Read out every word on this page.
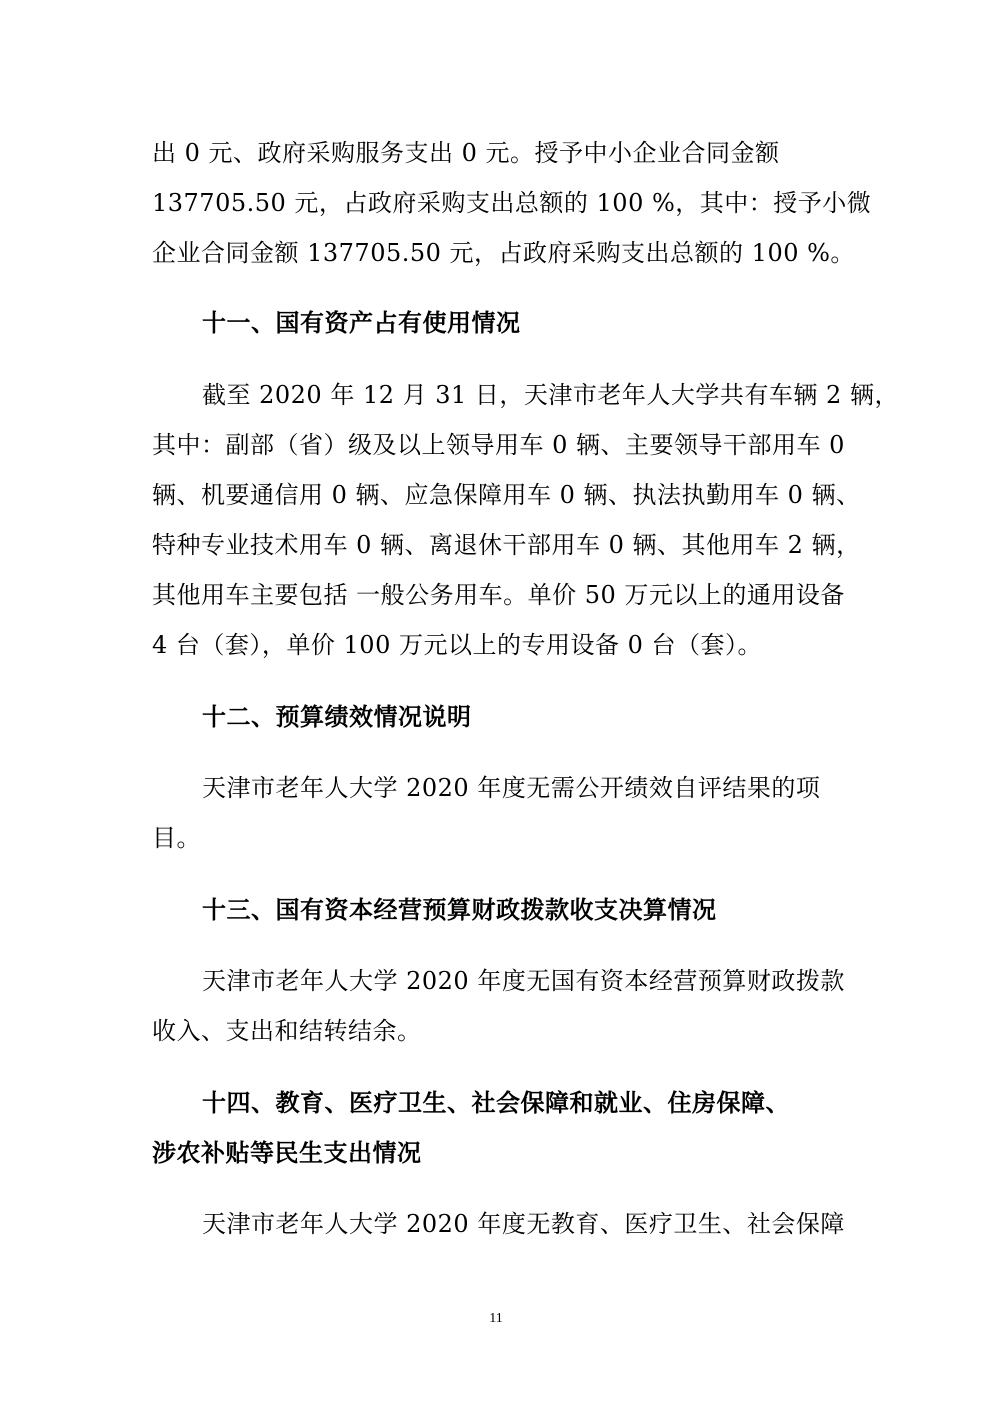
出 0 元、政府采购服务支出 0 元。授予中小企业合同金额

137705.50 元，占政府采购支出总额的 100 %，其中：授予小微

企业合同金额 137705.50 元，占政府采购支出总额的 100 %。

十一、国有资产占有使用情况

截至 2020 年 12 月 31 日，天津市老年人大学共有车辆 2 辆，

其中：副部（省）级及以上领导用车 0 辆、主要领导干部用车 0

辆、机要通信用 0 辆、应急保障用车 0 辆、执法执勤用车 0 辆、

特种专业技术用车 0 辆、离退休干部用车 0 辆、其他用车 2 辆，

其他用车主要包括 一般公务用车。单价 50 万元以上的通用设备

4 台（套），单价 100 万元以上的专用设备 0 台（套）。

十二、预算绩效情况说明

天津市老年人大学 2020 年度无需公开绩效自评结果的项

目。

十三、国有资本经营预算财政拨款收支决算情况

天津市老年人大学 2020 年度无国有资本经营预算财政拨款

收入、支出和结转结余。

十四、教育、医疗卫生、社会保障和就业、住房保障、

涉农补贴等民生支出情况

天津市老年人大学 2020 年度无教育、医疗卫生、社会保障

11
